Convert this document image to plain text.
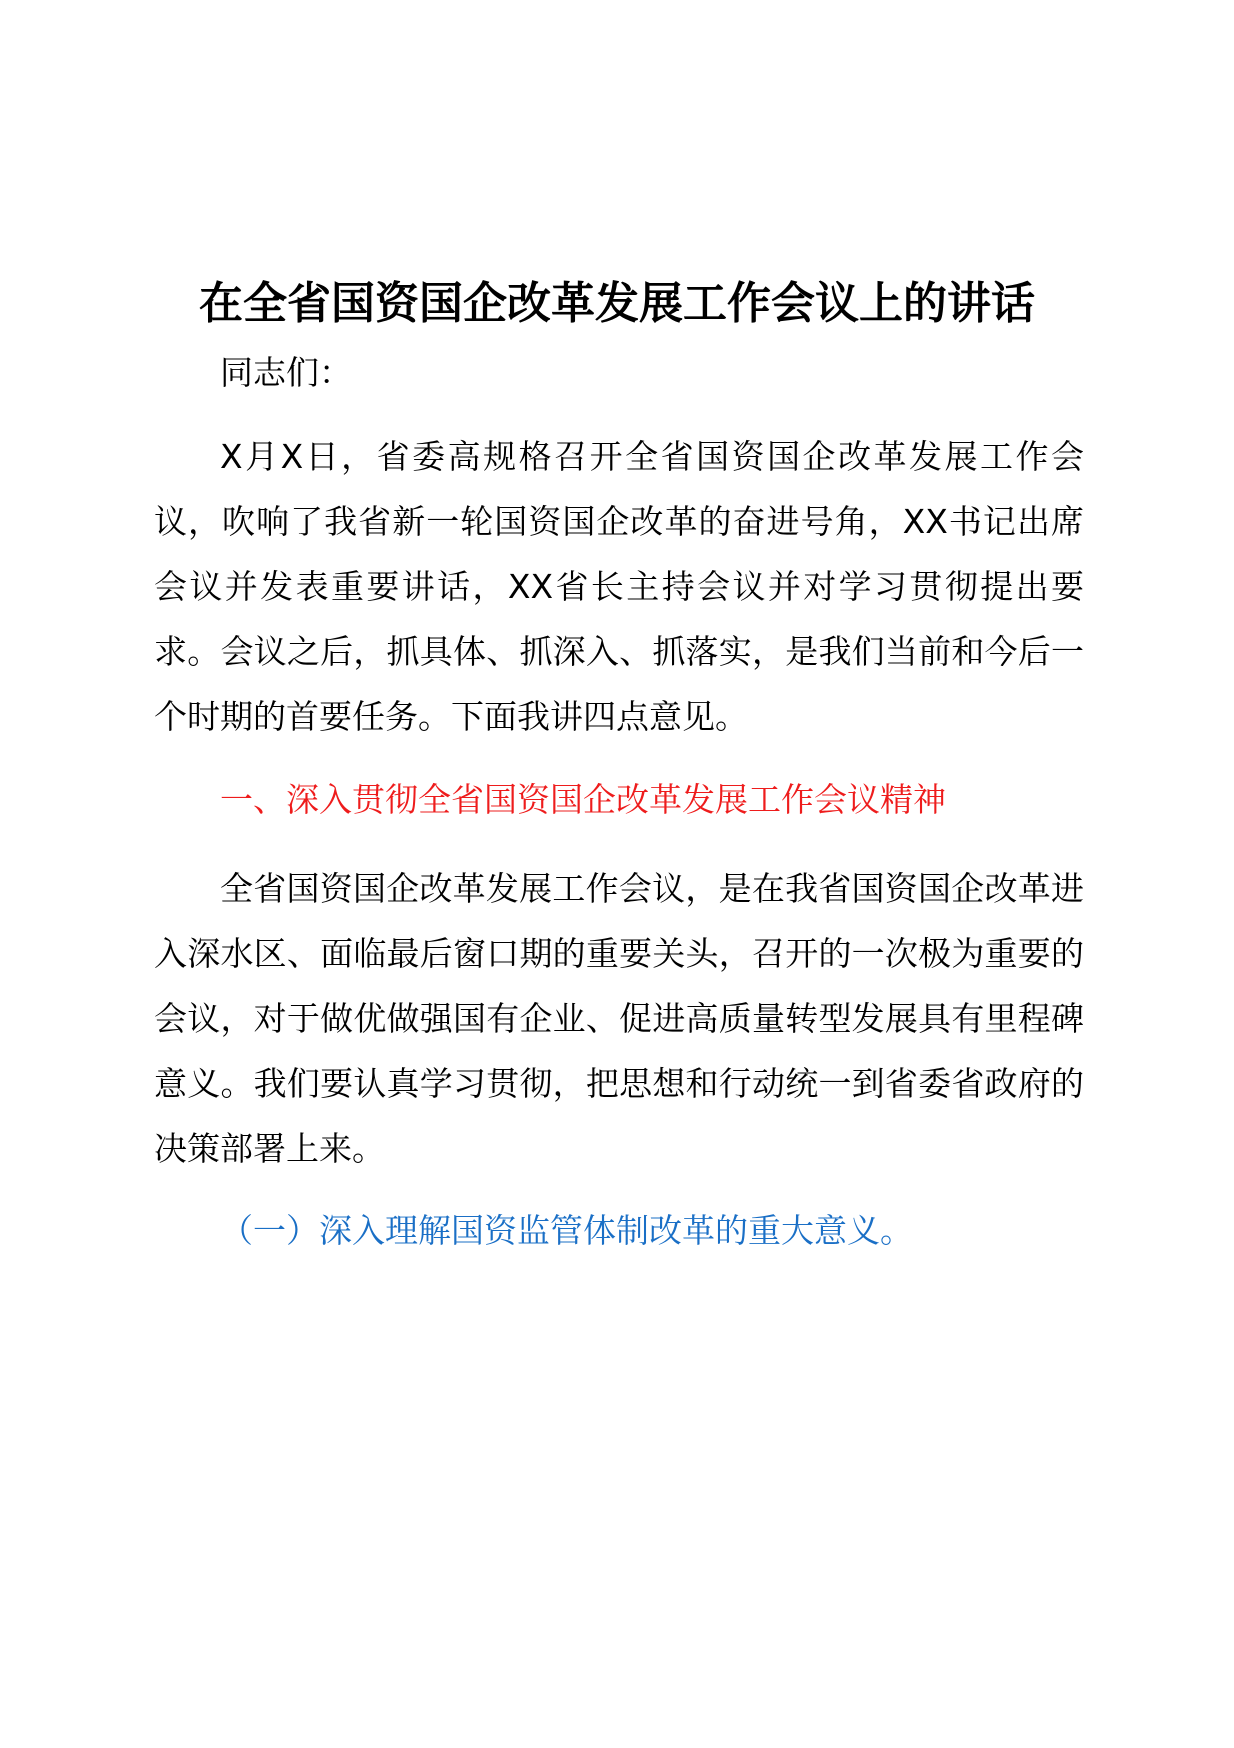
在全省国资国企改革发展工作会议上的讲话

同志们：

X月X日，省委高规格召开全省国资国企改革发展工作会议，吹响了我省新一轮国资国企改革的奋进号角，XX书记出席会议并发表重要讲话，XX省长主持会议并对学习贯彻提出要求。会议之后，抓具体、抓深入、抓落实，是我们当前和今后一个时期的首要任务。下面我讲四点意见。

一、深入贯彻全省国资国企改革发展工作会议精神

全省国资国企改革发展工作会议，是在我省国资国企改革进入深水区、面临最后窗口期的重要关头，召开的一次极为重要的会议，对于做优做强国有企业、促进高质量转型发展具有里程碑意义。我们要认真学习贯彻，把思想和行动统一到省委省政府的决策部署上来。

（一）深入理解国资监管体制改革的重大意义。
